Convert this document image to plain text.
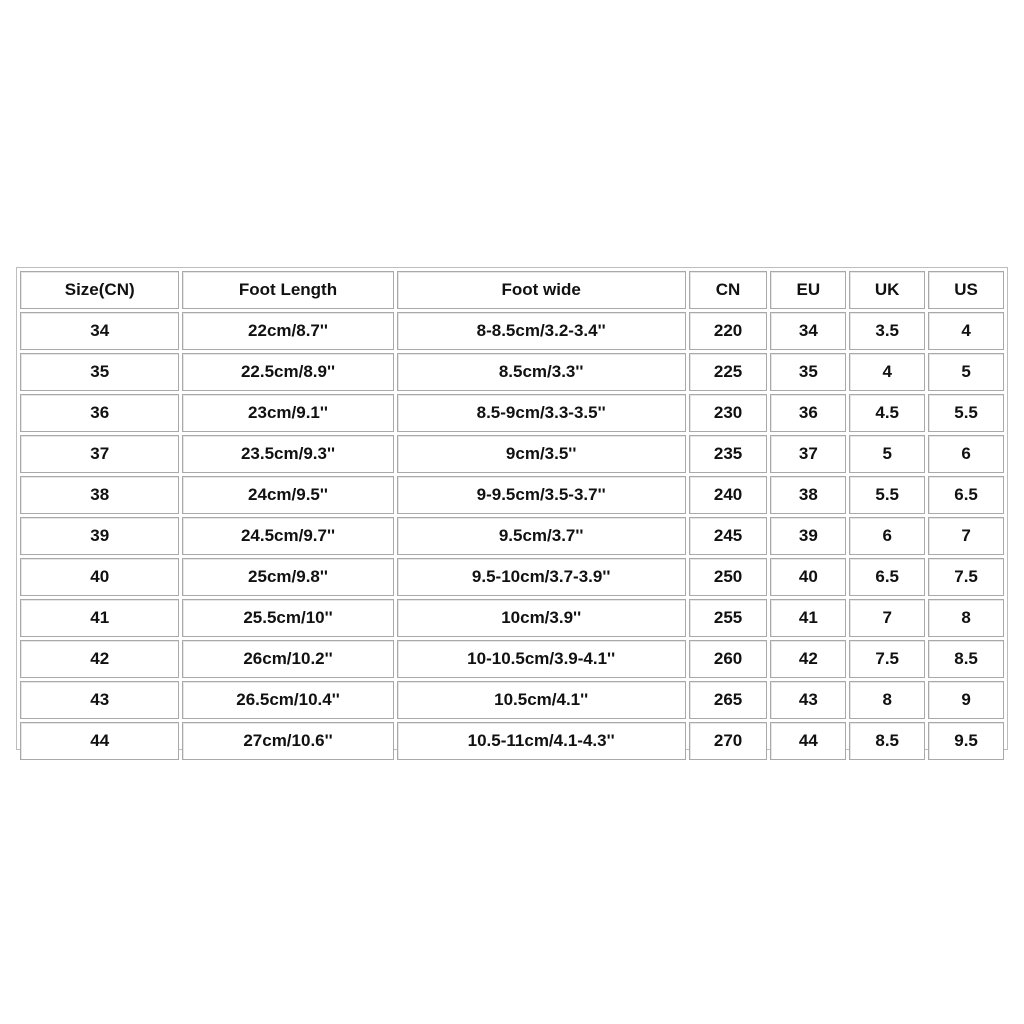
Size(CN)	Foot Length	Foot wide	CN	EU	UK	US
34	22cm/8.7''	8-8.5cm/3.2-3.4''	220	34	3.5	4
35	22.5cm/8.9''	8.5cm/3.3''	225	35	4	5
36	23cm/9.1''	8.5-9cm/3.3-3.5''	230	36	4.5	5.5
37	23.5cm/9.3''	9cm/3.5''	235	37	5	6
38	24cm/9.5''	9-9.5cm/3.5-3.7''	240	38	5.5	6.5
39	24.5cm/9.7''	9.5cm/3.7''	245	39	6	7
40	25cm/9.8''	9.5-10cm/3.7-3.9''	250	40	6.5	7.5
41	25.5cm/10''	10cm/3.9''	255	41	7	8
42	26cm/10.2''	10-10.5cm/3.9-4.1''	260	42	7.5	8.5
43	26.5cm/10.4''	10.5cm/4.1''	265	43	8	9
44	27cm/10.6''	10.5-11cm/4.1-4.3''	270	44	8.5	9.5
